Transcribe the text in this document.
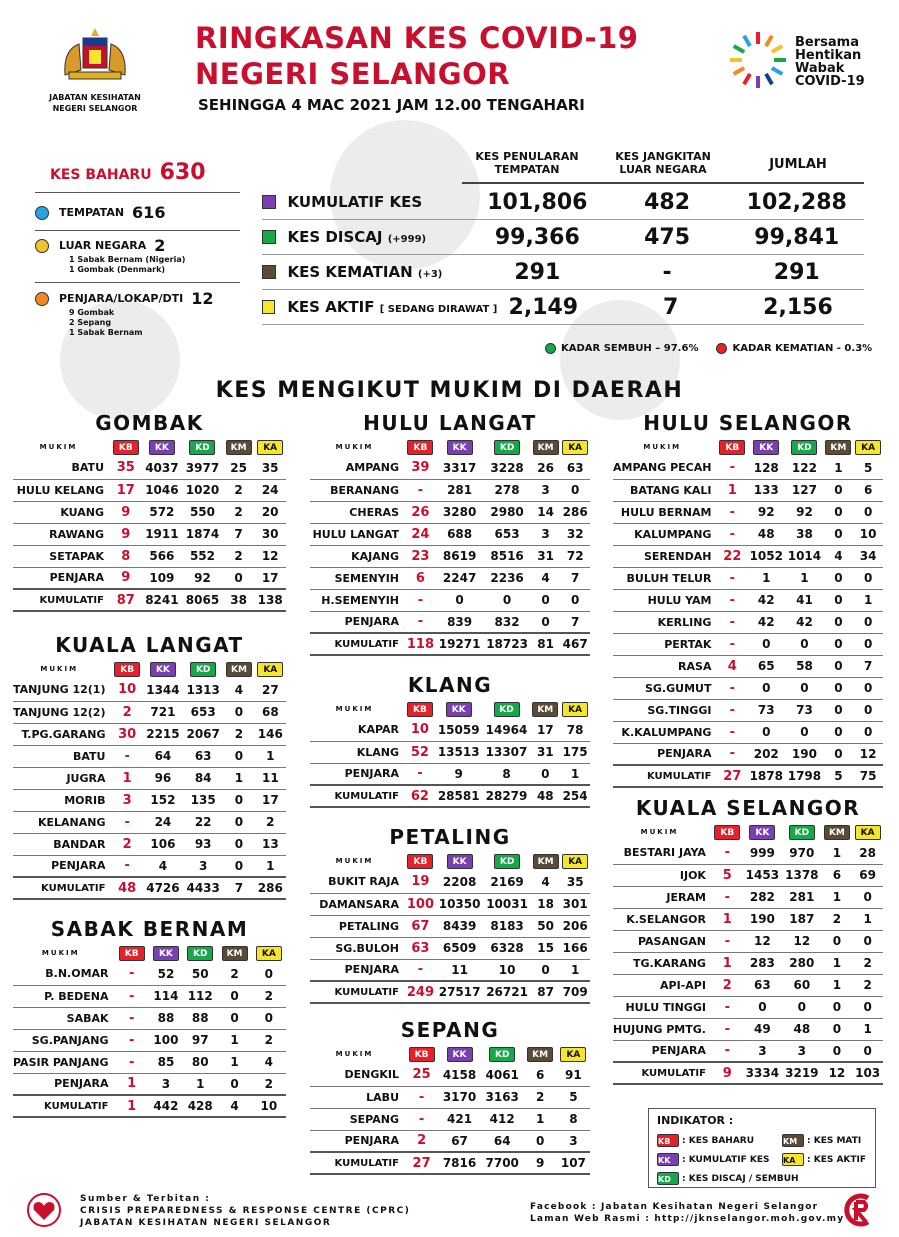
JABATAN KESIHATAN
NEGERI SELANGOR
RINGKASAN KES COVID-19
NEGERI SELANGOR
SEHINGGA 4 MAC 2021 JAM 12.00 TENGAHARI
Bersama
Hentikan
Wabak
COVID-19
KES BAHARU 630
TEMPATAN 616
LUAR NEGARA 2
1 Sabak Bernam (Nigeria)
1 Gombak (Denmark)
PENJARA/LOKAP/DTI 12
9 Gombak
2 Sepang
1 Sabak Bernam
KES PENULARAN
TEMPATAN
KES JANGKITAN
LUAR NEGARA	JUMLAH
KUMULATIF KES	101,806	482	102,288
KES DISCAJ (+999)	99,366	475	99,841
KES KEMATIAN (+3)	291	-	291
KES AKTIF [ SEDANG DIRAWAT ] 2,149	7	2,156
KADAR SEMBUH – 97.6%	KADAR KEMATIAN - 0.3%
KES MENGIKUT MUKIM DI DAERAH
GOMBAK
MUKIM	KB	KK	KD	KM	KA
BATU	35	4037	3977	25	35
HULU KELANG	17	1046	1020	2	24
KUANG	9	572	550	2	20
RAWANG	9	1911	1874	7	30
SETAPAK	8	566	552	2	12
PENJARA	9	109	92	0	17
KUMULATIF	87	8241	8065	38	138
KUALA LANGAT
MUKIM	KB	KK	KD	KM	KA
TANJUNG 12(1)	10	1344	1313	4	27
TANJUNG 12(2)	2	721	653	0	68
T.PG.GARANG	30	2215	2067	2	146
BATU	-	64	63	0	1
JUGRA	1	96	84	1	11
MORIB	3	152	135	0	17
KELANANG	-	24	22	0	2
BANDAR	2	106	93	0	13
PENJARA	-	4	3	0	1
KUMULATIF	48	4726	4433	7	286
SABAK BERNAM
MUKIM	KB	KK	KD	KM	KA
B.N.OMAR	-	52	50	2	0
P. BEDENA	-	114	112	0	2
SABAK	-	88	88	0	0
SG.PANJANG	-	100	97	1	2
PASIR PANJANG	-	85	80	1	4
PENJARA	1	3	1	0	2
KUMULATIF	1	442	428	4	10
HULU LANGAT
MUKIM	KB	KK	KD	KM	KA
AMPANG	39	3317	3228	26	63
BERANANG	-	281	278	3	0
CHERAS	26	3280	2980	14	286
HULU LANGAT	24	688	653	3	32
KAJANG	23	8619	8516	31	72
SEMENYIH	6	2247	2236	4	7
H.SEMENYIH	-	0	0	0	0
PENJARA	-	839	832	0	7
KUMULATIF	118	19271	18723	81	467
KLANG
MUKIM	KB	KK	KD	KM	KA
KAPAR	10	15059	14964	17	78
KLANG	52	13513	13307	31	175
PENJARA	-	9	8	0	1
KUMULATIF	62	28581	28279	48	254
PETALING
MUKIM	KB	KK	KD	KM	KA
BUKIT RAJA	19	2208	2169	4	35
DAMANSARA	100	10350	10031	18	301
PETALING	67	8439	8183	50	206
SG.BULOH	63	6509	6328	15	166
PENJARA	-	11	10	0	1
KUMULATIF	249	27517	26721	87	709
SEPANG
MUKIM	KB	KK	KD	KM	KA
DENGKIL	25	4158	4061	6	91
LABU	-	3170	3163	2	5
SEPANG	-	421	412	1	8
PENJARA	2	67	64	0	3
KUMULATIF	27	7816	7700	9	107
HULU SELANGOR
MUKIM	KB	KK	KD	KM	KA
AMPANG PECAH	-	128	122	1	5
BATANG KALI	1	133	127	0	6
HULU BERNAM	-	92	92	0	0
KALUMPANG	-	48	38	0	10
SERENDAH	22	1052	1014	4	34
BULUH TELUR	-	1	1	0	0
HULU YAM	-	42	41	0	1
KERLING	-	42	42	0	0
PERTAK	-	0	0	0	0
RASA	4	65	58	0	7
SG.GUMUT	-	0	0	0	0
SG.TINGGI	-	73	73	0	0
K.KALUMPANG	-	0	0	0	0
PENJARA	-	202	190	0	12
KUMULATIF	27	1878	1798	5	75
KUALA SELANGOR
MUKIM	KB	KK	KD	KM	KA
BESTARI JAYA	-	999	970	1	28
IJOK	5	1453	1378	6	69
JERAM	-	282	281	1	0
K.SELANGOR	1	190	187	2	1
PASANGAN	-	12	12	0	0
TG.KARANG	1	283	280	1	2
API-API	2	63	60	1	2
HULU TINGGI	-	0	0	0	0
HUJUNG PMTG.	-	49	48	0	1
PENJARA	-	3	3	0	0
KUMULATIF	9	3334	3219	12	103
INDIKATOR :
KB	: KES BAHARU	KM	: KES MATI
KK	: KUMULATIF KES	KA	: KES AKTIF
KD	: KES DISCAJ / SEMBUH
Sumber & Terbitan :
CRISIS PREPAREDNESS & RESPONSE CENTRE (CPRC)
JABATAN KESIHATAN NEGERI SELANGOR
Facebook : Jabatan Kesihatan Negeri Selangor
Laman Web Rasmi : http://jknselangor.moh.gov.my
